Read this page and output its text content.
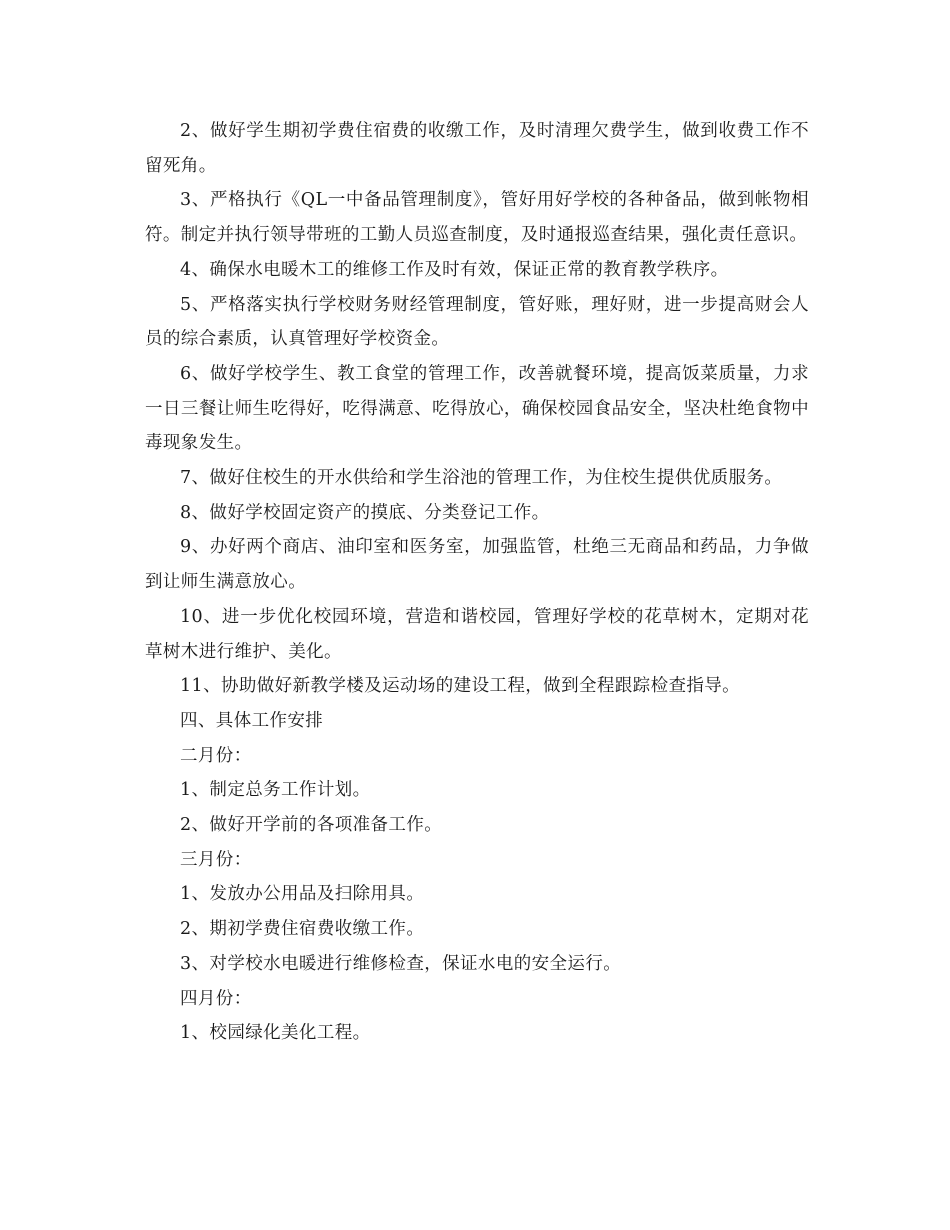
2、做好学生期初学费住宿费的收缴工作，及时清理欠费学生，做到收费工作不留死角。

3、严格执行《QL一中备品管理制度》，管好用好学校的各种备品，做到帐物相符。制定并执行领导带班的工勤人员巡查制度，及时通报巡查结果，强化责任意识。

4、确保水电暖木工的维修工作及时有效，保证正常的教育教学秩序。

5、严格落实执行学校财务财经管理制度，管好账，理好财，进一步提高财会人员的综合素质，认真管理好学校资金。

6、做好学校学生、教工食堂的管理工作，改善就餐环境，提高饭菜质量，力求一日三餐让师生吃得好，吃得满意、吃得放心，确保校园食品安全，坚决杜绝食物中毒现象发生。

7、做好住校生的开水供给和学生浴池的管理工作，为住校生提供优质服务。

8、做好学校固定资产的摸底、分类登记工作。

9、办好两个商店、油印室和医务室，加强监管，杜绝三无商品和药品，力争做到让师生满意放心。

10、进一步优化校园环境，营造和谐校园，管理好学校的花草树木，定期对花草树木进行维护、美化。

11、协助做好新教学楼及运动场的建设工程，做到全程跟踪检查指导。

四、具体工作安排

二月份：

1、制定总务工作计划。

2、做好开学前的各项准备工作。

三月份：

1、发放办公用品及扫除用具。

2、期初学费住宿费收缴工作。

3、对学校水电暖进行维修检查，保证水电的安全运行。

四月份：

1、校园绿化美化工程。
